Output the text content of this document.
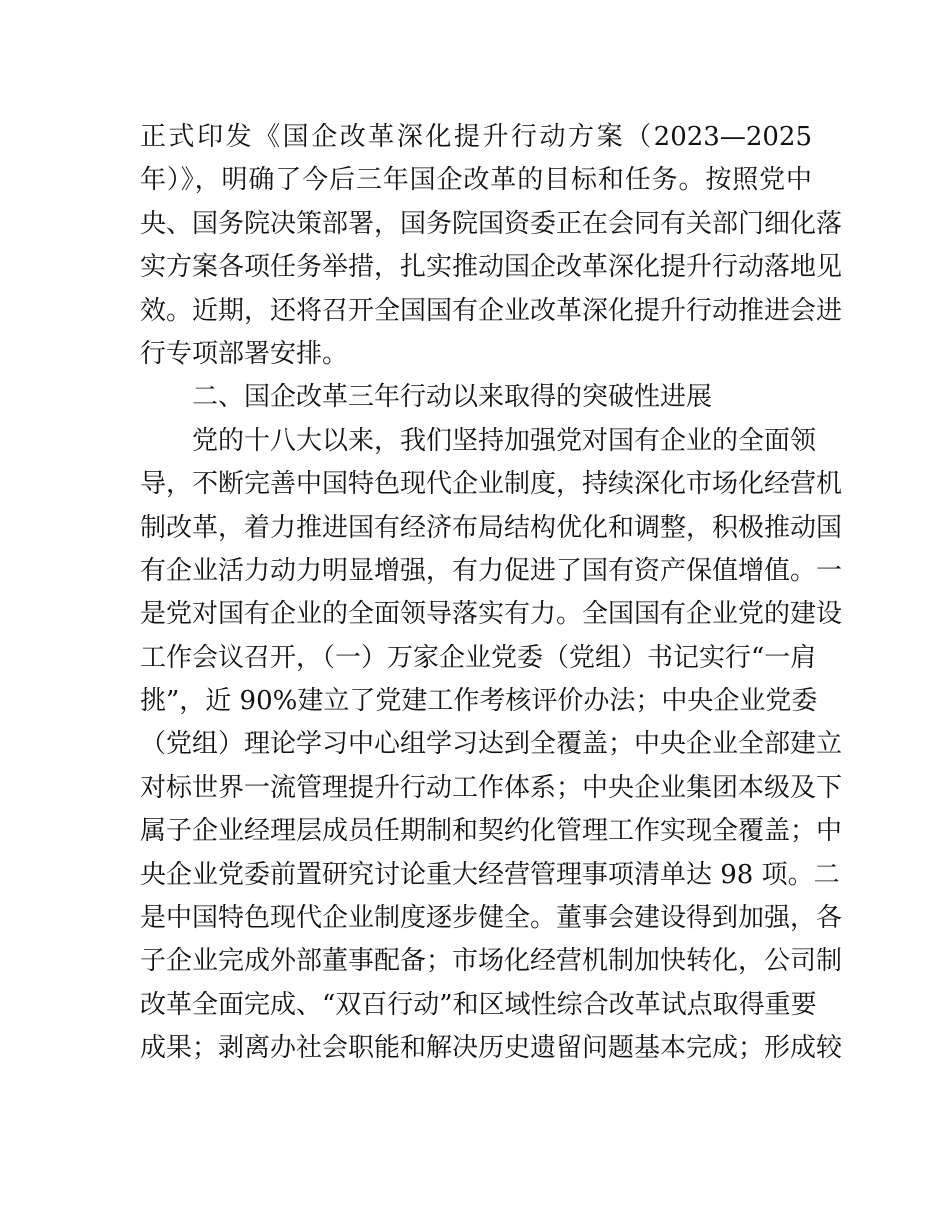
正式印发《国企改革深化提升行动方案（2023—2025
年）》，明确了今后三年国企改革的目标和任务。按照党中
央、国务院决策部署，国务院国资委正在会同有关部门细化落
实方案各项任务举措，扎实推动国企改革深化提升行动落地见
效。近期，还将召开全国国有企业改革深化提升行动推进会进
行专项部署安排。
二、国企改革三年行动以来取得的突破性进展
党的十八大以来，我们坚持加强党对国有企业的全面领
导，不断完善中国特色现代企业制度，持续深化市场化经营机
制改革，着力推进国有经济布局结构优化和调整，积极推动国
有企业活力动力明显增强，有力促进了国有资产保值增值。一
是党对国有企业的全面领导落实有力。全国国有企业党的建设
工作会议召开，（一）万家企业党委（党组）书记实行“一肩
挑”，近 90%建立了党建工作考核评价办法；中央企业党委
（党组）理论学习中心组学习达到全覆盖；中央企业全部建立
对标世界一流管理提升行动工作体系；中央企业集团本级及下
属子企业经理层成员任期制和契约化管理工作实现全覆盖；中
央企业党委前置研究讨论重大经营管理事项清单达 98 项。二
是中国特色现代企业制度逐步健全。董事会建设得到加强，各
子企业完成外部董事配备；市场化经营机制加快转化，公司制
改革全面完成、“双百行动”和区域性综合改革试点取得重要
成果；剥离办社会职能和解决历史遗留问题基本完成；形成较
